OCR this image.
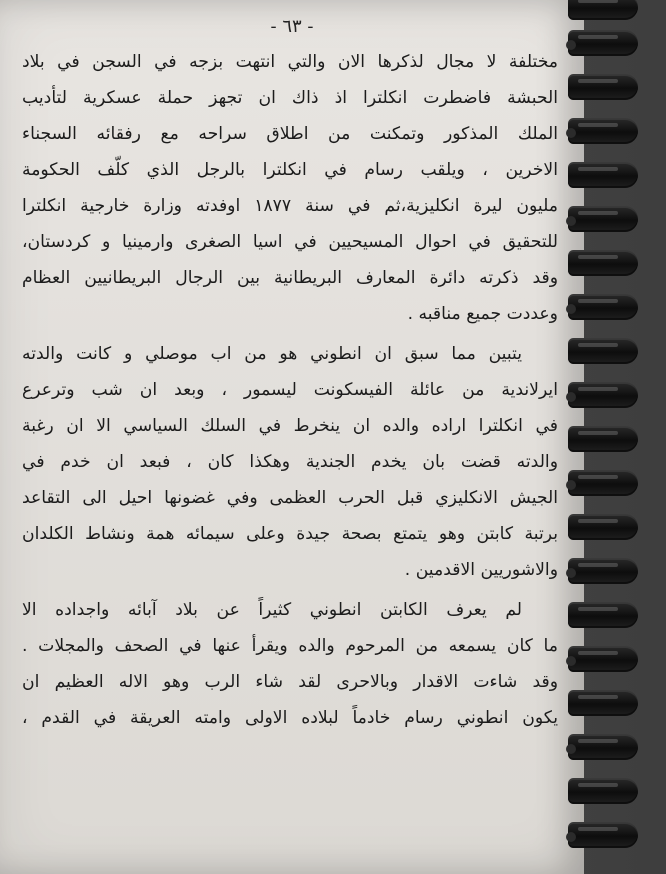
- ٦٣ -
مختلفة لا مجال لذكرها الان والتي انتهت بزجه في السجن في بلاد
الحبشة فاضطرت انكلترا اذ ذاك ان تجهز حملة عسكرية لتأديب
الملك المذكور وتمكنت من اطلاق سراحه مع رفقائه السجناء
الاخرين ، ويلقب رسام في انكلترا بالرجل الذي كلّف الحكومة
مليون ليرة انكليزية،ثم في سنة ١٨٧٧ اوفدته وزارة خارجية انكلترا
للتحقيق في احوال المسيحيين في اسيا الصغرى وارمينيا و كردستان،
وقد ذكرته دائرة المعارف البريطانية بين الرجال البريطانيين العظام
وعددت جميع مناقبه .
يتبين مما سبق ان انطوني هو من اب موصلي و كانت والدته
ايرلاندية من عائلة الفيسكونت ليسمور ، وبعد ان شب وترعرع
في انكلترا اراده والده ان ينخرط في السلك السياسي الا ان رغبة
والدته قضت بان يخدم الجندية وهكذا كان ، فبعد ان خدم في
الجيش الانكليزي قبل الحرب العظمى وفي غضونها احيل الى التقاعد
برتبة كابتن وهو يتمتع بصحة جيدة وعلى سيمائه همة ونشاط الكلدان
والاشوريين الاقدمين .
لم يعرف الكابتن انطوني كثيراً عن بلاد آبائه واجداده الا
ما كان يسمعه من المرحوم والده ويقرأ عنها في الصحف والمجلات .
وقد شاءت الاقدار وبالاحرى لقد شاء الرب وهو الاله العظيم ان
يكون انطوني رسام خادماً لبلاده الاولى وامته العريقة في القدم ،
